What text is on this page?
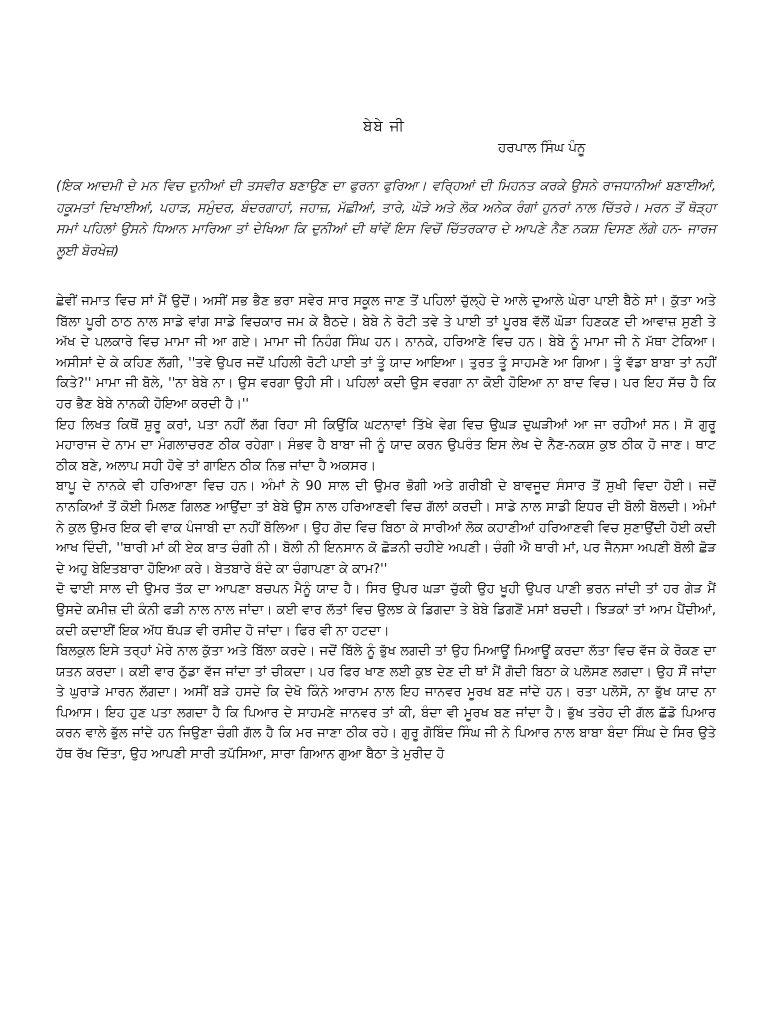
ਬੇਬੇ ਜੀ
ਹਰਪਾਲ ਸਿੰਘ ਪੰਨੂ
(ਇਕ ਆਦਮੀ ਦੇ ਮਨ ਵਿਚ ਦੁਨੀਆਂ ਦੀ ਤਸਵੀਰ ਬਣਾਉਣ ਦਾ ਫੁਰਨਾ ਫੁਰਿਆ। ਵਰ੍ਹਿਆਂ ਦੀ ਮਿਹਨਤ ਕਰਕੇ ਉਸਨੇ ਰਾਜਧਾਨੀਆਂ ਬਣਾਈਆਂ, ਹਕੂਮਤਾਂ ਦਿਖਾਈਆਂ, ਪਹਾੜ, ਸਮੁੰਦਰ, ਬੰਦਰਗਾਹਾਂ, ਜਹਾਜ਼, ਮੱਛੀਆਂ, ਤਾਰੇ, ਘੋੜੇ ਅਤੇ ਲੋਕ ਅਨੇਕ ਰੰਗਾਂ ਹੁਨਰਾਂ ਨਾਲ ਚਿੱਤਰੇ। ਮਰਨ ਤੋਂ ਥੋੜ੍ਹਾ ਸਮਾਂ ਪਹਿਲਾਂ ਉਸਨੇ ਧਿਆਨ ਮਾਰਿਆ ਤਾਂ ਦੇਖਿਆ ਕਿ ਦੁਨੀਆਂ ਦੀ ਥਾਂਵੇਂ ਇਸ ਵਿਚੋਂ ਚਿੱਤਰਕਾਰ ਦੇ ਆਪਣੇ ਨੈਣ ਨਕਸ਼ ਦਿਸਣ ਲੱਗੇ ਹਨ- ਜਾਰਜ ਲੂਈ ਬੋਰਖੇਜ਼)

ਛੇਵੀਂ ਜਮਾਤ ਵਿਚ ਸਾਂ ਮੈਂ ਉਦੋਂ। ਅਸੀਂ ਸਭ ਭੈਣ ਭਰਾ ਸਵੇਰ ਸਾਰ ਸਕੂਲ ਜਾਣ ਤੋਂ ਪਹਿਲਾਂ ਚੁੱਲ੍ਹੇ ਦੇ ਆਲੇ ਦੁਆਲੇ ਘੇਰਾ ਪਾਈ ਬੈਠੇ ਸਾਂ। ਕੁੱਤਾ ਅਤੇ ਬਿੱਲਾ ਪੂਰੀ ਠਾਠ ਨਾਲ ਸਾਡੇ ਵਾਂਗ ਸਾਡੇ ਵਿਚਕਾਰ ਜਮ ਕੇ ਬੈਠਦੇ। ਬੇਬੇ ਨੇ ਰੋਟੀ ਤਵੇ ਤੇ ਪਾਈ ਤਾਂ ਪੂਰਬ ਵੱਲੋਂ ਘੋੜਾ ਹਿਣਕਣ ਦੀ ਆਵਾਜ਼ ਸੁਣੀ ਤੇ ਅੱਖ ਦੇ ਪਲਕਾਰੇ ਵਿਚ ਮਾਮਾ ਜੀ ਆ ਗਏ। ਮਾਮਾ ਜੀ ਨਿਹੰਗ ਸਿੰਘ ਹਨ। ਨਾਨਕੇ, ਹਰਿਆਣੇ ਵਿਚ ਹਨ। ਬੇਬੇ ਨੂੰ ਮਾਮਾ ਜੀ ਨੇ ਮੱਥਾ ਟੇਕਿਆ। ਅਸੀਸਾਂ ਦੇ ਕੇ ਕਹਿਣ ਲੱਗੀ, ''ਤਵੇ ਉਪਰ ਜਦੋਂ ਪਹਿਲੀ ਰੋਟੀ ਪਾਈ ਤਾਂ ਤੂੰ ਯਾਦ ਆਇਆ। ਤੁਰਤ ਤੂੰ ਸਾਹਮਣੇ ਆ ਗਿਆ। ਤੂੰ ਵੱਡਾ ਬਾਬਾ ਤਾਂ ਨਹੀਂ ਕਿਤੇ?'' ਮਾਮਾ ਜੀ ਬੋਲੇ, ''ਨਾ ਬੇਬੇ ਨਾ। ਉਸ ਵਰਗਾ ਉਹੀ ਸੀ। ਪਹਿਲਾਂ ਕਦੀ ਉਸ ਵਰਗਾ ਨਾ ਕੋਈ ਹੋਇਆ ਨਾ ਬਾਦ ਵਿਚ। ਪਰ ਇਹ ਸੱਚ ਹੈ ਕਿ ਹਰ ਭੈਣ ਬੇਬੇ ਨਾਨਕੀ ਹੋਇਆ ਕਰਦੀ ਹੈ।''

ਇਹ ਲਿਖਤ ਕਿਥੋਂ ਸ਼ੁਰੂ ਕਰਾਂ, ਪਤਾ ਨਹੀਂ ਲੱਗ ਰਿਹਾ ਸੀ ਕਿਉਂਕਿ ਘਟਨਾਵਾਂ ਤਿੱਖੇ ਵੇਗ ਵਿਚ ਉਘੜ ਦੁਘੜੀਆਂ ਆ ਜਾ ਰਹੀਆਂ ਸਨ। ਸੋ ਗੁਰੂ ਮਹਾਰਾਜ ਦੇ ਨਾਮ ਦਾ ਮੰਗਲਾਚਰਣ ਠੀਕ ਰਹੇਗਾ। ਸੰਭਵ ਹੈ ਬਾਬਾ ਜੀ ਨੂੰ ਯਾਦ ਕਰਨ ਉਪਰੰਤ ਇਸ ਲੇਖ ਦੇ ਨੈਣ-ਨਕਸ਼ ਕੁਝ ਠੀਕ ਹੋ ਜਾਣ। ਥਾਟ ਠੀਕ ਬਣੇ, ਅਲਾਪ ਸਹੀ ਹੋਵੇ ਤਾਂ ਗਾਇਨ ਠੀਕ ਨਿਭ ਜਾਂਦਾ ਹੈ ਅਕਸਰ।

ਬਾਪੂ ਦੇ ਨਾਨਕੇ ਵੀ ਹਰਿਆਣਾ ਵਿਚ ਹਨ। ਅੰਮਾਂ ਨੇ 90 ਸਾਲ ਦੀ ਉਮਰ ਭੋਗੀ ਅਤੇ ਗਰੀਬੀ ਦੇ ਬਾਵਜੂਦ ਸੰਸਾਰ ਤੋਂ ਸੁਖੀ ਵਿਦਾ ਹੋਈ। ਜਦੋਂ ਨਾਨਕਿਆਂ ਤੋਂ ਕੋਈ ਮਿਲਣ ਗਿਲਣ ਆਉਂਦਾ ਤਾਂ ਬੇਬੇ ਉਸ ਨਾਲ ਹਰਿਆਣਵੀ ਵਿਚ ਗੱਲਾਂ ਕਰਦੀ। ਸਾਡੇ ਨਾਲ ਸਾਡੀ ਇਧਰ ਦੀ ਬੋਲੀ ਬੋਲਦੀ। ਅੰਮਾਂ ਨੇ ਕੁਲ ਉਮਰ ਇਕ ਵੀ ਵਾਕ ਪੰਜਾਬੀ ਦਾ ਨਹੀਂ ਬੋਲਿਆ। ਉਹ ਗੋਦ ਵਿਚ ਬਿਠਾ ਕੇ ਸਾਰੀਆਂ ਲੋਕ ਕਹਾਣੀਆਂ ਹਰਿਆਣਵੀ ਵਿਚ ਸੁਣਾਉਂਦੀ ਹੋਈ ਕਦੀ ਆਖ ਦਿੰਦੀ, ''ਥਾਰੀ ਮਾਂ ਕੀ ਏਕ ਬਾਤ ਚੰਗੀ ਨੀ। ਬੋਲੀ ਨੀ ਇਨਸਾਨ ਕੋ ਛੋੜਨੀ ਚਹੀਏ ਅਪਣੀ। ਚੰਗੀ ਐ ਥਾਰੀ ਮਾਂ, ਪਰ ਜੈਨਸਾ ਅਪਣੀ ਬੋਲੀ ਛੋੜ ਦੇ ਅਹੁ ਬੇਇਤਬਾਰਾ ਹੋਇਆ ਕਰੇ। ਬੇਤਬਾਰੇ ਬੰਦੇ ਕਾ ਚੰਗਾਪਣਾ ਕੇ ਕਾਮ?''

ਦੋ ਢਾਈ ਸਾਲ ਦੀ ਉਮਰ ਤੱਕ ਦਾ ਆਪਣਾ ਬਚਪਨ ਮੈਨੂੰ ਯਾਦ ਹੈ। ਸਿਰ ਉਪਰ ਘੜਾ ਚੁੱਕੀ ਉਹ ਖੂਹੀ ਉਪਰ ਪਾਣੀ ਭਰਨ ਜਾਂਦੀ ਤਾਂ ਹਰ ਗੇੜ ਮੈਂ ਉਸਦੇ ਕਮੀਜ਼ ਦੀ ਕੰਨੀ ਫੜੀ ਨਾਲ ਨਾਲ ਜਾਂਦਾ। ਕਈ ਵਾਰ ਲੱਤਾਂ ਵਿਚ ਉਲਝ ਕੇ ਡਿਗਦਾ ਤੇ ਬੇਬੇ ਡਿਗਣੋਂ ਮਸਾਂ ਬਚਦੀ। ਝਿੜਕਾਂ ਤਾਂ ਆਮ ਪੈਂਦੀਆਂ, ਕਦੀ ਕਦਾਈਂ ਇਕ ਅੱਧ ਥੱਪੜ ਵੀ ਰਸੀਦ ਹੋ ਜਾਂਦਾ। ਫਿਰ ਵੀ ਨਾ ਹਟਦਾ।

ਬਿਲਕੁਲ ਇਸੇ ਤਰ੍ਹਾਂ ਮੇਰੇ ਨਾਲ ਕੁੱਤਾ ਅਤੇ ਬਿੱਲਾ ਕਰਦੇ। ਜਦੋਂ ਬਿੱਲੇ ਨੂੰ ਭੁੱਖ ਲਗਦੀ ਤਾਂ ਉਹ ਮਿਆਊਂ ਮਿਆਊਂ ਕਰਦਾ ਲੱਤਾ ਵਿਚ ਵੱਜ ਕੇ ਰੋਕਣ ਦਾ ਯਤਨ ਕਰਦਾ। ਕਈ ਵਾਰ ਠੁੱਡਾ ਵੱਜ ਜਾਂਦਾ ਤਾਂ ਚੀਕਦਾ। ਪਰ ਫਿਰ ਖਾਣ ਲਈ ਕੁਝ ਦੇਣ ਦੀ ਥਾਂ ਮੈਂ ਗੋਦੀ ਬਿਠਾ ਕੇ ਪਲੋਸਣ ਲਗਦਾ। ਉਹ ਸੌਂ ਜਾਂਦਾ ਤੇ ਘੁਰਾੜੇ ਮਾਰਨ ਲੱਗਦਾ। ਅਸੀਂ ਬੜੇ ਹਸਦੇ ਕਿ ਦੇਖੋ ਕਿੰਨੇ ਆਰਾਮ ਨਾਲ ਇਹ ਜਾਨਵਰ ਮੂਰਖ ਬਣ ਜਾਂਦੇ ਹਨ। ਰਤਾ ਪਲੋਸੋ, ਨਾ ਭੁੱਖ ਯਾਦ ਨਾ ਪਿਆਸ। ਇਹ ਹੁਣ ਪਤਾ ਲਗਦਾ ਹੈ ਕਿ ਪਿਆਰ ਦੇ ਸਾਹਮਣੇ ਜਾਨਵਰ ਤਾਂ ਕੀ, ਬੰਦਾ ਵੀ ਮੂਰਖ ਬਣ ਜਾਂਦਾ ਹੈ। ਭੁੱਖ ਤਰੇਹ ਦੀ ਗੱਲ ਛੱਡੋ ਪਿਆਰ ਕਰਨ ਵਾਲੇ ਭੁੱਲ ਜਾਂਦੇ ਹਨ ਜਿਉਣਾ ਚੰਗੀ ਗੱਲ ਹੈ ਕਿ ਮਰ ਜਾਣਾ ਠੀਕ ਰਹੇ। ਗੁਰੂ ਗੋਬਿੰਦ ਸਿੰਘ ਜੀ ਨੇ ਪਿਆਰ ਨਾਲ ਬਾਬਾ ਬੰਦਾ ਸਿੰਘ ਦੇ ਸਿਰ ਉਤੇ ਹੱਥ ਰੱਖ ਦਿੱਤਾ, ਉਹ ਆਪਣੀ ਸਾਰੀ ਤਪੱਸਿਆ, ਸਾਰਾ ਗਿਆਨ ਗੁਆ ਬੈਠਾ ਤੇ ਮੁਰੀਦ ਹੋ
